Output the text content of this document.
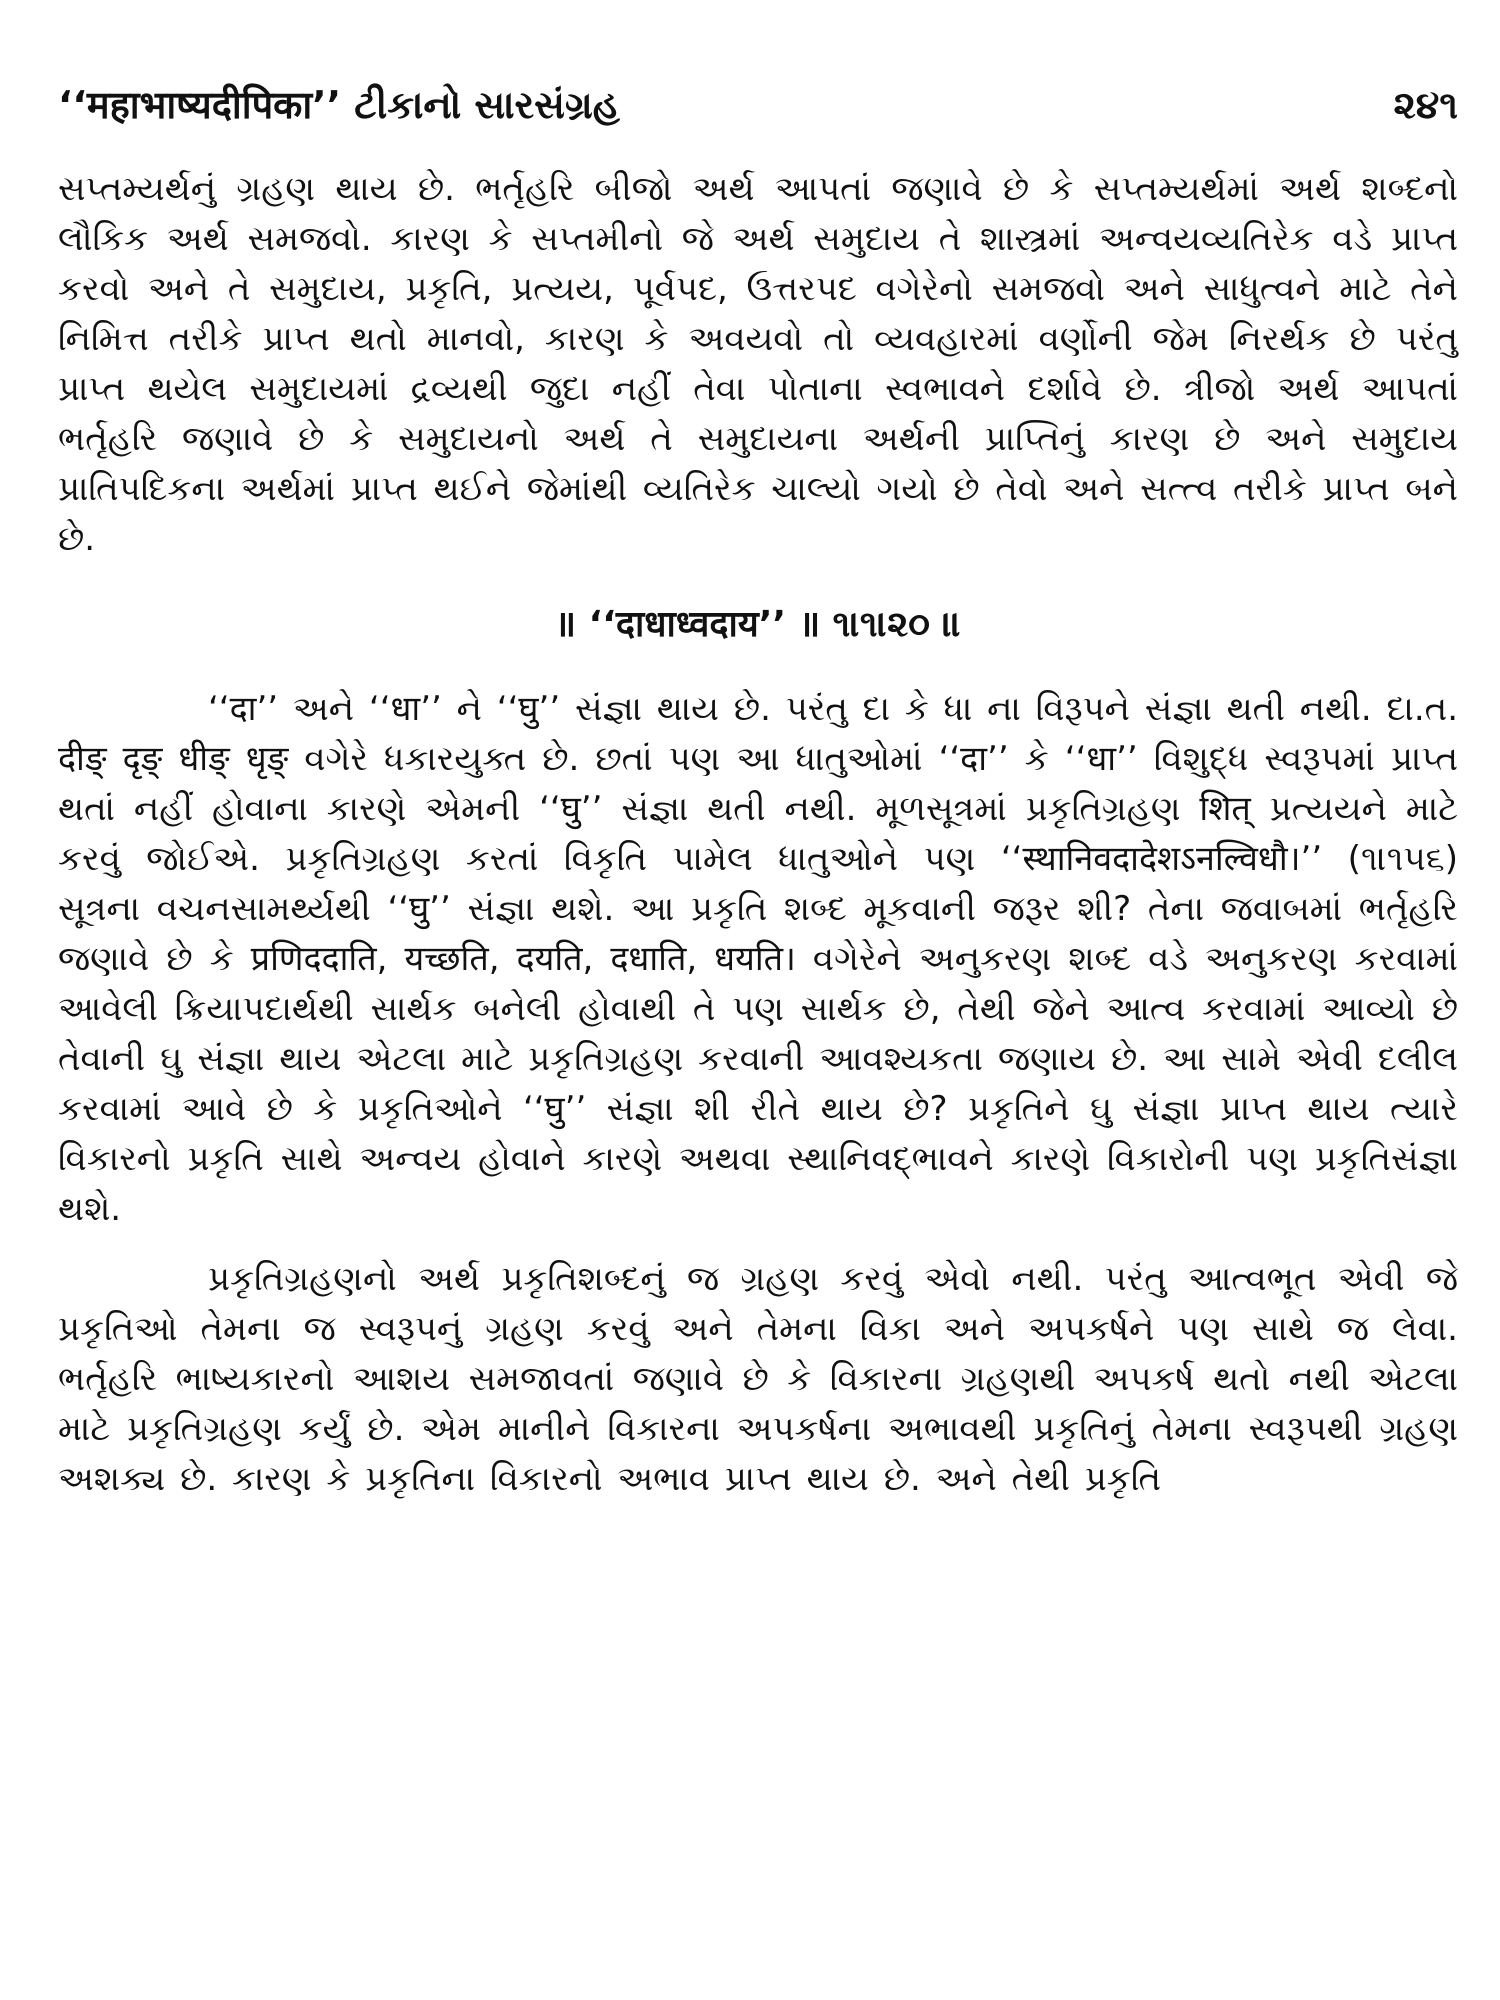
‘‘महाभाष्यदीपिका’’ ટીકાનો સારસંગ્રહ	૨૪૧

સપ્તમ્યર્થનું ગ્રહણ થાય છે. ભર્તૃહરિ બીજો અર્થ આપતાં જણાવે છે કે સપ્તમ્યર્થમાં અર્થ શબ્દનો લૌકિક અર્થ સમજવો. કારણ કે સપ્તમીનો જે અર્થ સમુદાય તે શાસ્ત્રમાં અન્વયવ્યતિરેક વડે પ્રાપ્ત કરવો અને તે સમુદાય, પ્રકૃતિ, પ્રત્યય, પૂર્વપદ, ઉત્તરપદ વગેરેનો સમજવો અને સાધુત્વને માટે તેને નિમિત્ત તરીકે પ્રાપ્ત થતો માનવો, કારણ કે અવયવો તો વ્યવહારમાં વર્ણોની જેમ નિરર્થક છે પરંતુ પ્રાપ્ત થયેલ સમુદાયમાં દ્રવ્યથી જુદા નહીં તેવા પોતાના સ્વભાવને દર્શાવે છે. ત્રીજો અર્થ આપતાં ભર્તૃહરિ જણાવે છે કે સમુદાયનો અર્થ તે સમુદાયના અર્થની પ્રાપ્તિનું કારણ છે અને સમુદાય પ્રાતિપદિકના અર્થમાં પ્રાપ્ત થઈને જેમાંથી વ્યતિરેક ચાલ્યો ગયો છે તેવો અને સત્ત્વ તરીકે પ્રાપ્ત બને છે.

॥ ‘‘दाधाध्वदाय’’ ॥ ૧।૧।૨૦ ॥

‘‘दा’’ અને ‘‘धा’’ ને ‘‘घु’’ સંજ્ઞા થાય છે. પરંતુ દા કે ધા ના વિરૂપને સંજ્ઞા થતી નથી. દા.ત. दीङ् दृङ् धीङ् धृङ् વગેરે ધકારયુક્ત છે. છતાં પણ આ ધાતુઓમાં ‘‘दा’’ કે ‘‘धा’’ વિશુદ્ધ સ્વરૂપમાં પ્રાપ્ત થતાં નહીં હોવાના કારણે એમની ‘‘घु’’ સંજ્ઞા થતી નથી. મૂળસૂત્રમાં પ્રકૃતિગ્રહણ शित् પ્રત્યયને માટે કરવું જોઈએ. પ્રકૃતિગ્રહણ કરતાં વિકૃતિ પામેલ ધાતુઓને પણ ‘‘स्थानिवदादेशऽनल्विधौ।’’ (૧।૧૫૬) સૂત્રના વચનસામર્થ્યથી ‘‘घु’’ સંજ્ઞા થશે. આ પ્રકૃતિ શબ્દ મૂકવાની જરૂર શી? તેના જવાબમાં ભર્તૃહરિ જણાવે છે કે प्रणिददाति, यच्छति, दयति, दधाति, धयति। વગેરેને અનુકરણ શબ્દ વડે અનુકરણ કરવામાં આવેલી ક્રિયાપદાર્થથી સાર્થક બનેલી હોવાથી તે પણ સાર્થક છે, તેથી જેને આત્વ કરવામાં આવ્યો છે તેવાની ઘુ સંજ્ઞા થાય એટલા માટે પ્રકૃતિગ્રહણ કરવાની આવશ્યકતા જણાય છે. આ સામે એવી દલીલ કરવામાં આવે છે કે પ્રકૃતિઓને ‘‘घु’’ સંજ્ઞા શી રીતે થાય છે? પ્રકૃતિને ઘુ સંજ્ઞા પ્રાપ્ત થાય ત્યારે વિકારનો પ્રકૃતિ સાથે અન્વય હોવાને કારણે અથવા સ્થાનિવદ્ભાવને કારણે વિકારોની પણ પ્રકૃતિસંજ્ઞા થશે.

પ્રકૃતિગ્રહણનો અર્થ પ્રકૃતિશબ્દનું જ ગ્રહણ કરવું એવો નથી. પરંતુ આત્વભૂત એવી જે પ્રકૃતિઓ તેમના જ સ્વરૂપનું ગ્રહણ કરવું અને તેમના વિકા અને અપકર્ષને પણ સાથે જ લેવા. ભર્તૃહરિ ભાષ્યકારનો આશય સમજાવતાં જણાવે છે કે વિકારના ગ્રહણથી અપકર્ષ થતો નથી એટલા માટે પ્રકૃતિગ્રહણ કર્યું છે. એમ માનીને વિકારના અપકર્ષના અભાવથી પ્રકૃતિનું તેમના સ્વરૂપથી ગ્રહણ અશક્ય છે. કારણ કે પ્રકૃતિના વિકારનો અભાવ પ્રાપ્ત થાય છે. અને તેથી પ્રકૃતિ
